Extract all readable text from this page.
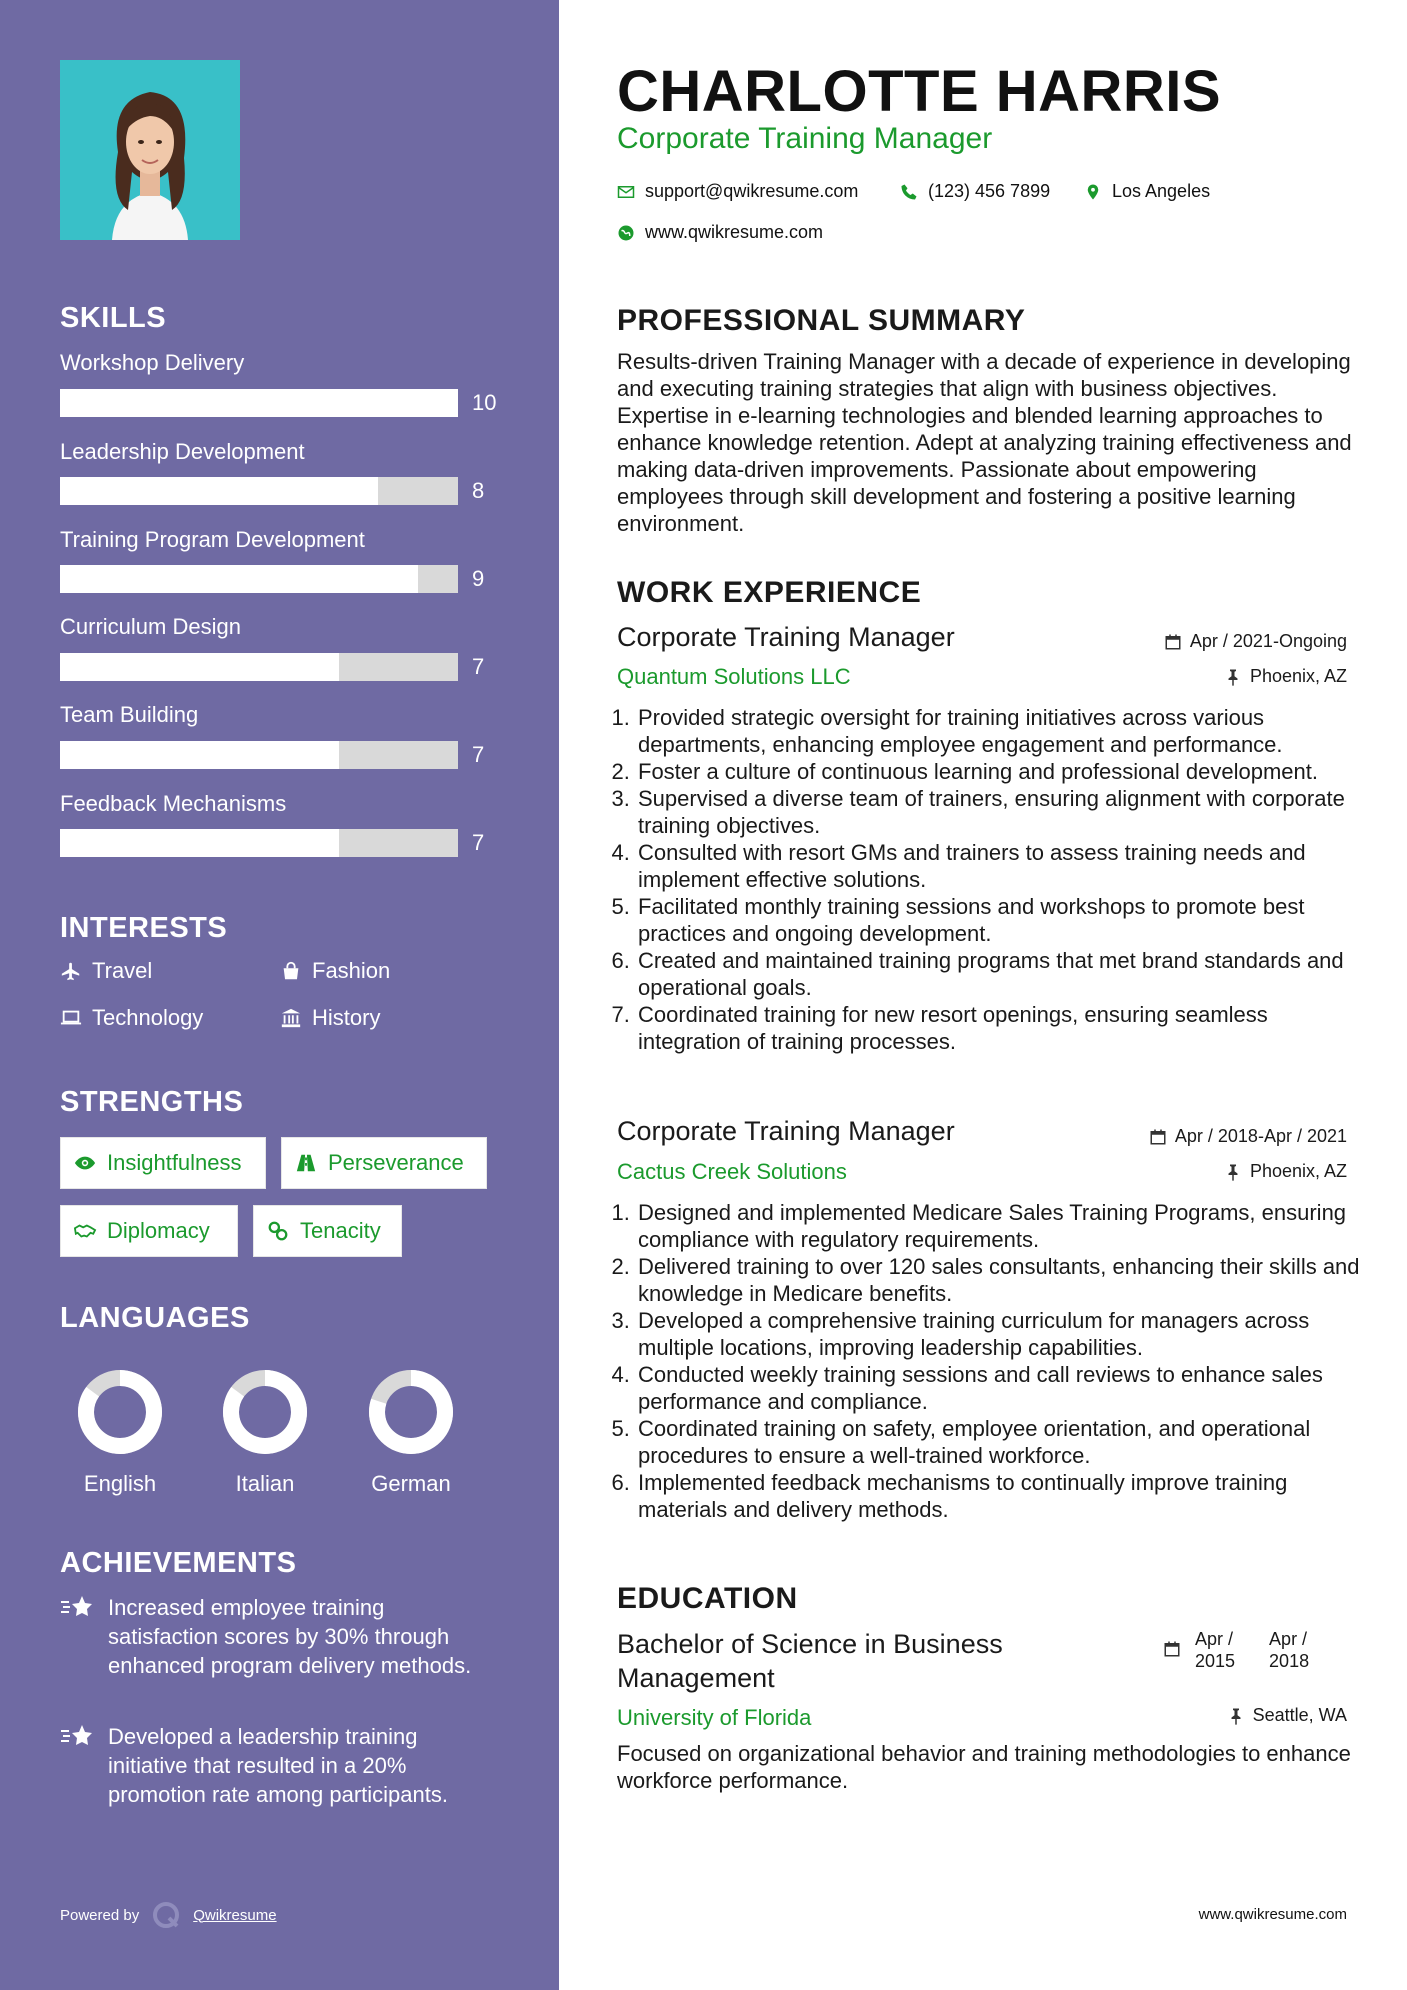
SKILLS
Workshop Delivery
10
Leadership Development
8
Training Program Development
9
Curriculum Design
7
Team Building
7
Feedback Mechanisms
7
INTERESTS
Travel	Fashion
Technology	History
STRENGTHS
Insightfulness	Perseverance
Diplomacy	Tenacity
LANGUAGES
English	Italian	German
ACHIEVEMENTS
Increased employee training satisfaction scores by 30% through enhanced program delivery methods.
Developed a leadership training initiative that resulted in a 20% promotion rate among participants.
Powered by	Qwikresume
CHARLOTTE HARRIS
Corporate Training Manager
support@qwikresume.com	(123) 456 7899	Los Angeles
www.qwikresume.com
PROFESSIONAL SUMMARY
Results-driven Training Manager with a decade of experience in developing and executing training strategies that align with business objectives. Expertise in e-learning technologies and blended learning approaches to enhance knowledge retention. Adept at analyzing training effectiveness and making data-driven improvements. Passionate about empowering employees through skill development and fostering a positive learning environment.
WORK EXPERIENCE
Corporate Training Manager	Apr / 2021-Ongoing
Quantum Solutions LLC	Phoenix, AZ
1. Provided strategic oversight for training initiatives across various departments, enhancing employee engagement and performance.
2. Foster a culture of continuous learning and professional development.
3. Supervised a diverse team of trainers, ensuring alignment with corporate training objectives.
4. Consulted with resort GMs and trainers to assess training needs and implement effective solutions.
5. Facilitated monthly training sessions and workshops to promote best practices and ongoing development.
6. Created and maintained training programs that met brand standards and operational goals.
7. Coordinated training for new resort openings, ensuring seamless integration of training processes.
Corporate Training Manager	Apr / 2018-Apr / 2021
Cactus Creek Solutions	Phoenix, AZ
1. Designed and implemented Medicare Sales Training Programs, ensuring compliance with regulatory requirements.
2. Delivered training to over 120 sales consultants, enhancing their skills and knowledge in Medicare benefits.
3. Developed a comprehensive training curriculum for managers across multiple locations, improving leadership capabilities.
4. Conducted weekly training sessions and call reviews to enhance sales performance and compliance.
5. Coordinated training on safety, employee orientation, and operational procedures to ensure a well-trained workforce.
6. Implemented feedback mechanisms to continually improve training materials and delivery methods.
EDUCATION
Bachelor of Science in Business Management
Apr /
2015
Apr /
2018
University of Florida	Seattle, WA
Focused on organizational behavior and training methodologies to enhance workforce performance.
www.qwikresume.com
